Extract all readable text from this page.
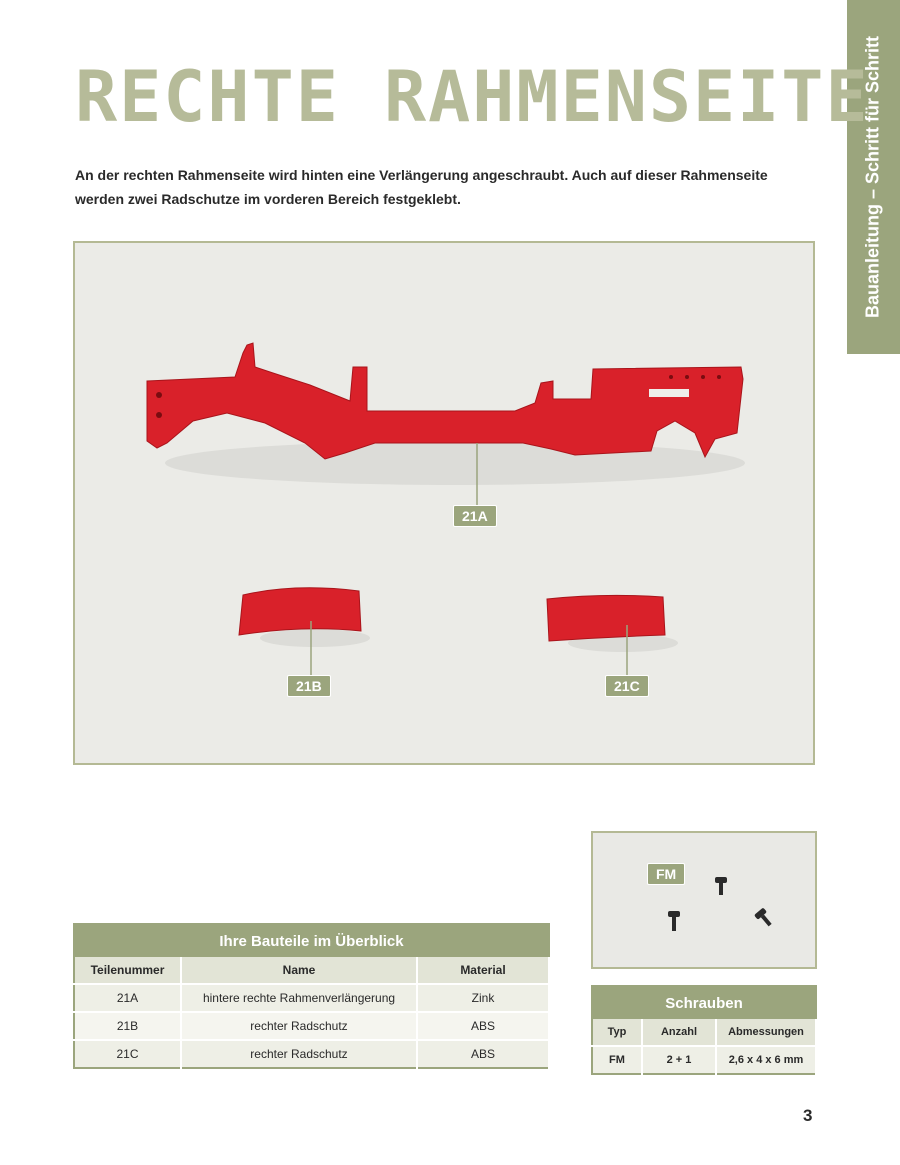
Bauanleitung – Schritt für Schritt
RECHTE RAHMENSEITE

An der rechten Rahmenseite wird hinten eine Verlängerung angeschraubt. Auch auf dieser Rahmenseite werden zwei Radschutze im vorderen Bereich festgeklebt.

21A
21B	21C
FM
Ihre Bauteile im Überblick		
Teilenummer	Name	Material
21A	hintere rechte Rahmenverlängerung	Zink
21B	rechter Radschutz	ABS
21C	rechter Radschutz	ABS
Schrauben		
Typ	Anzahl	Abmessungen
FM	2 + 1	2,6 x 4 x 6 mm
3
